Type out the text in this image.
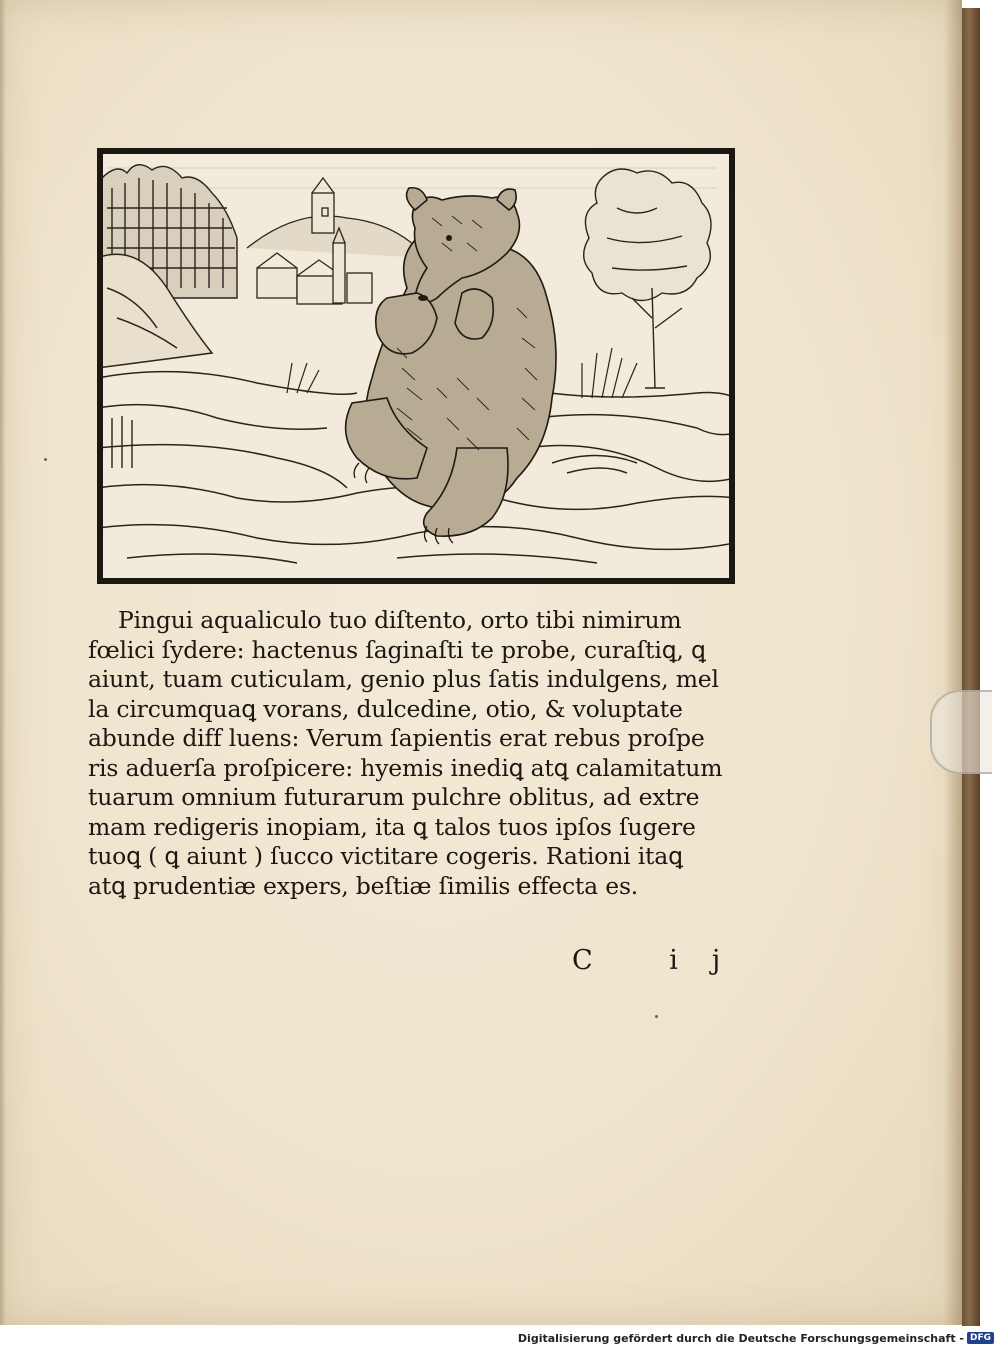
Pingui aqualiculo tuo diſtento, orto tibi nimirum
fœlici ſydere: hactenus ſaginaſti te probe, curaſtiꝗ, ꝗ
aiunt, tuam cuticulam, genio plus ſatis indulgens, mel
la circumquaꝗ vorans, dulcedine, otio, & voluptate
abunde diff luens: Verum ſapientis erat rebus proſpe
ris aduerſa proſpicere: hyemis inediꝗ atꝗ calamitatum
tuarum omnium futurarum pulchre oblitus, ad extre
mam redigeris inopiam, ita ꝗ talos tuos ipſos ſugere
tuoꝗ ( ꝗ aiunt ) ſucco victitare cogeris. Rationi itaꝗ
atꝗ prudentiæ expers, beſtiæ ſimilis effecta es.
C ij
Digitalisierung gefördert durch die Deutsche Forschungsgemeinschaft - DFG
